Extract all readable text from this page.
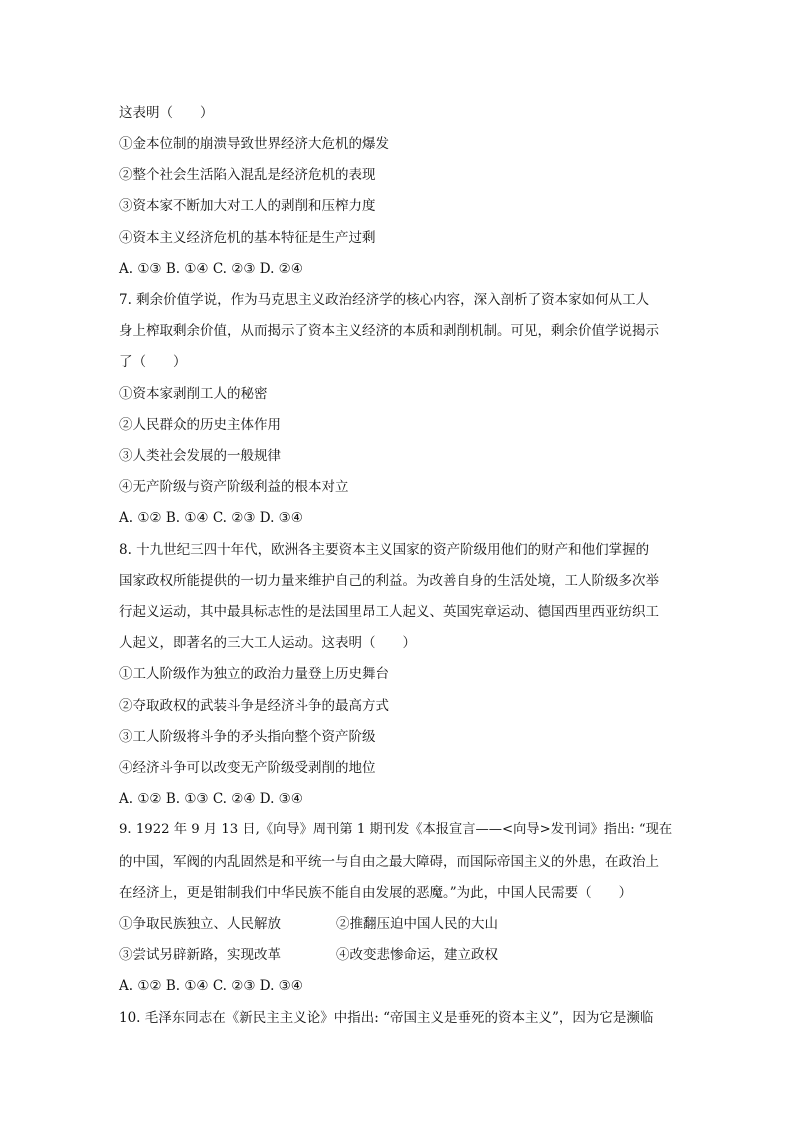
这表明（　　）
①金本位制的崩溃导致世界经济大危机的爆发
②整个社会生活陷入混乱是经济危机的表现
③资本家不断加大对工人的剥削和压榨力度
④资本主义经济危机的基本特征是生产过剩
A. ①③ B. ①④ C. ②③ D. ②④
7. 剩余价值学说，作为马克思主义政治经济学的核心内容，深入剖析了资本家如何从工人
身上榨取剩余价值，从而揭示了资本主义经济的本质和剥削机制。可见，剩余价值学说揭示
了（　　）
①资本家剥削工人的秘密
②人民群众的历史主体作用
③人类社会发展的一般规律
④无产阶级与资产阶级利益的根本对立
A. ①② B. ①④ C. ②③ D. ③④
8. 十九世纪三四十年代，欧洲各主要资本主义国家的资产阶级用他们的财产和他们掌握的
国家政权所能提供的一切力量来维护自己的利益。为改善自身的生活处境，工人阶级多次举
行起义运动，其中最具标志性的是法国里昂工人起义、英国宪章运动、德国西里西亚纺织工
人起义，即著名的三大工人运动。这表明（　　）
①工人阶级作为独立的政治力量登上历史舞台
②夺取政权的武装斗争是经济斗争的最高方式
③工人阶级将斗争的矛头指向整个资产阶级
④经济斗争可以改变无产阶级受剥削的地位
A. ①② B. ①③ C. ②④ D. ③④
9. 1922 年 9 月 13 日,《向导》周刊第 1 期刊发《本报宣言——<向导>发刊词》指出: “现在
的中国，军阀的内乱固然是和平统一与自由之最大障碍，而国际帝国主义的外患，在政治上
在经济上，更是钳制我们中华民族不能自由发展的恶魔。”为此，中国人民需要（　　）
①争取民族独立、人民解放	②推翻压迫中国人民的大山
③尝试另辟新路，实现改革	④改变悲惨命运，建立政权
A. ①② B. ①④ C. ②③ D. ③④
10. 毛泽东同志在《新民主主义论》中指出: “帝国主义是垂死的资本主义”，因为它是濒临
